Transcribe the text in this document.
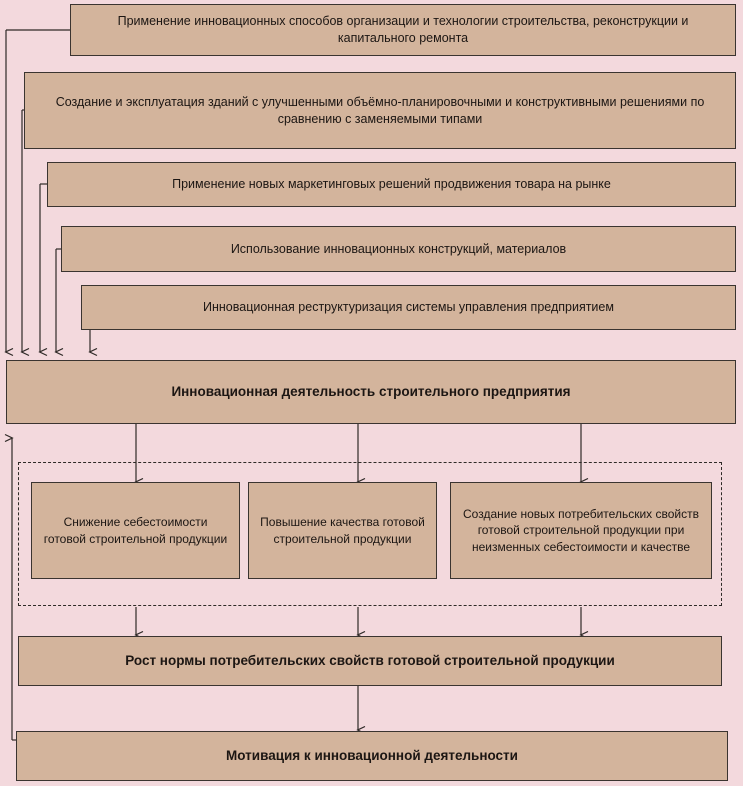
Применение инновационных способов организации и технологии строительства, реконструкции и капитального ремонта
Создание и эксплуатация зданий с улучшенными объёмно-планировочными и конструктивными решениями по сравнению с заменяемыми типами
Применение новых маркетинговых решений продвижения товара на рынке
Использование инновационных конструкций, материалов
Инновационная реструктуризация системы управления предприятием
Инновационная деятельность строительного предприятия
Снижение себестоимости готовой строительной продукции
Повышение качества готовой строительной продукции
Создание новых потребительских свойств готовой строительной продукции при неизменных себестоимости и качестве
Рост нормы потребительских свойств готовой строительной продукции
Мотивация к инновационной деятельности
